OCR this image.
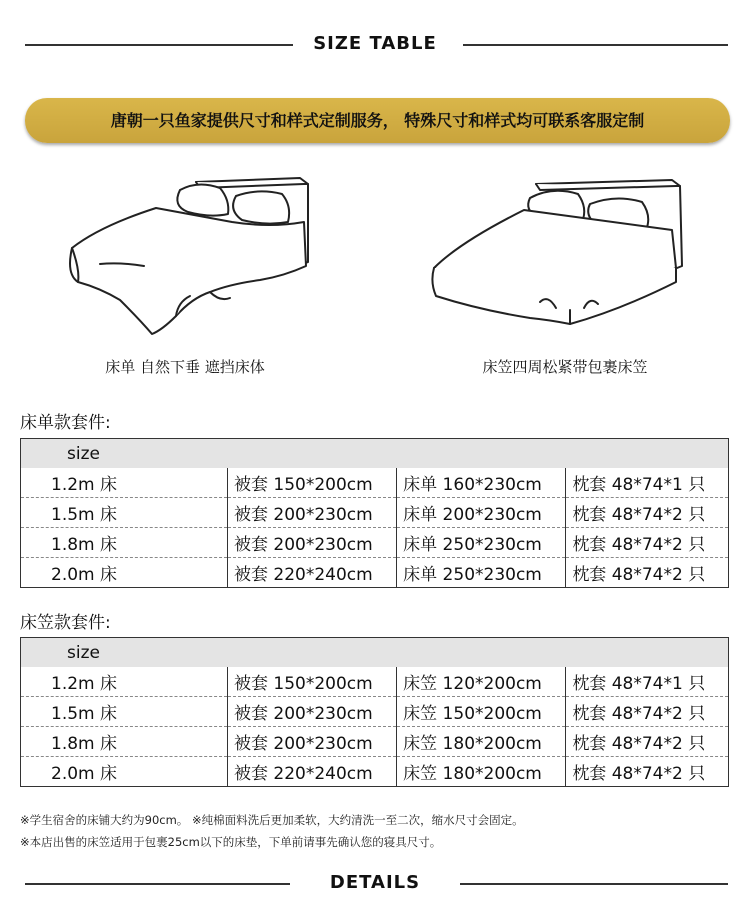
SIZE TABLE
唐朝一只鱼家提供尺寸和样式定制服务， 特殊尺寸和样式均可联系客服定制
床单 自然下垂 遮挡床体	床笠四周松紧带包裹床笠
床单款套件:
size			
1.2m 床	被套 150*200cm	床单 160*230cm	枕套 48*74*1 只
1.5m 床	被套 200*230cm	床单 200*230cm	枕套 48*74*2 只
1.8m 床	被套 200*230cm	床单 250*230cm	枕套 48*74*2 只
2.0m 床	被套 220*240cm	床单 250*230cm	枕套 48*74*2 只
床笠款套件:
size			
1.2m 床	被套 150*200cm	床笠 120*200cm	枕套 48*74*1 只
1.5m 床	被套 200*230cm	床笠 150*200cm	枕套 48*74*2 只
1.8m 床	被套 200*230cm	床笠 180*200cm	枕套 48*74*2 只
2.0m 床	被套 220*240cm	床笠 180*200cm	枕套 48*74*2 只
※学生宿舍的床铺大约为90cm。 ※纯棉面料洗后更加柔软，大约清洗一至二次，缩水尺寸会固定。
※本店出售的床笠适用于包裹25cm以下的床垫，下单前请事先确认您的寝具尺寸。
DETAILS
